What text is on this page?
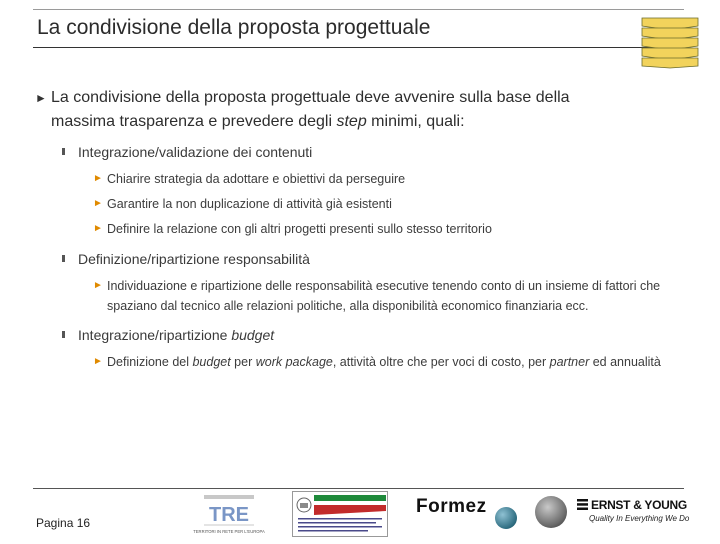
La condivisione della proposta progettuale
► La condivisione della proposta progettuale deve avvenire sulla base della
massima trasparenza e prevedere degli step minimi, quali:
Integrazione/validazione dei contenuti
► Chiarire strategia da adottare e obiettivi da perseguire
► Garantire la non duplicazione di attività già esistenti
► Definire la relazione con gli altri progetti presenti sullo stesso territorio
Definizione/ripartizione responsabilità
► Individuazione e ripartizione delle responsabilità esecutive tenendo conto di un insieme di fattori che spaziano dal tecnico alle relazioni politiche, alla disponibilità economico finanziaria ecc.
Integrazione/ripartizione budget
► Definizione del budget per work package, attività oltre che per voci di costo, per partner ed annualità
Pagina 16	TRE
TERRITORI IN RETE PER L'EUROPA
Formez	ERNST & YOUNG
Quality In Everything We Do
